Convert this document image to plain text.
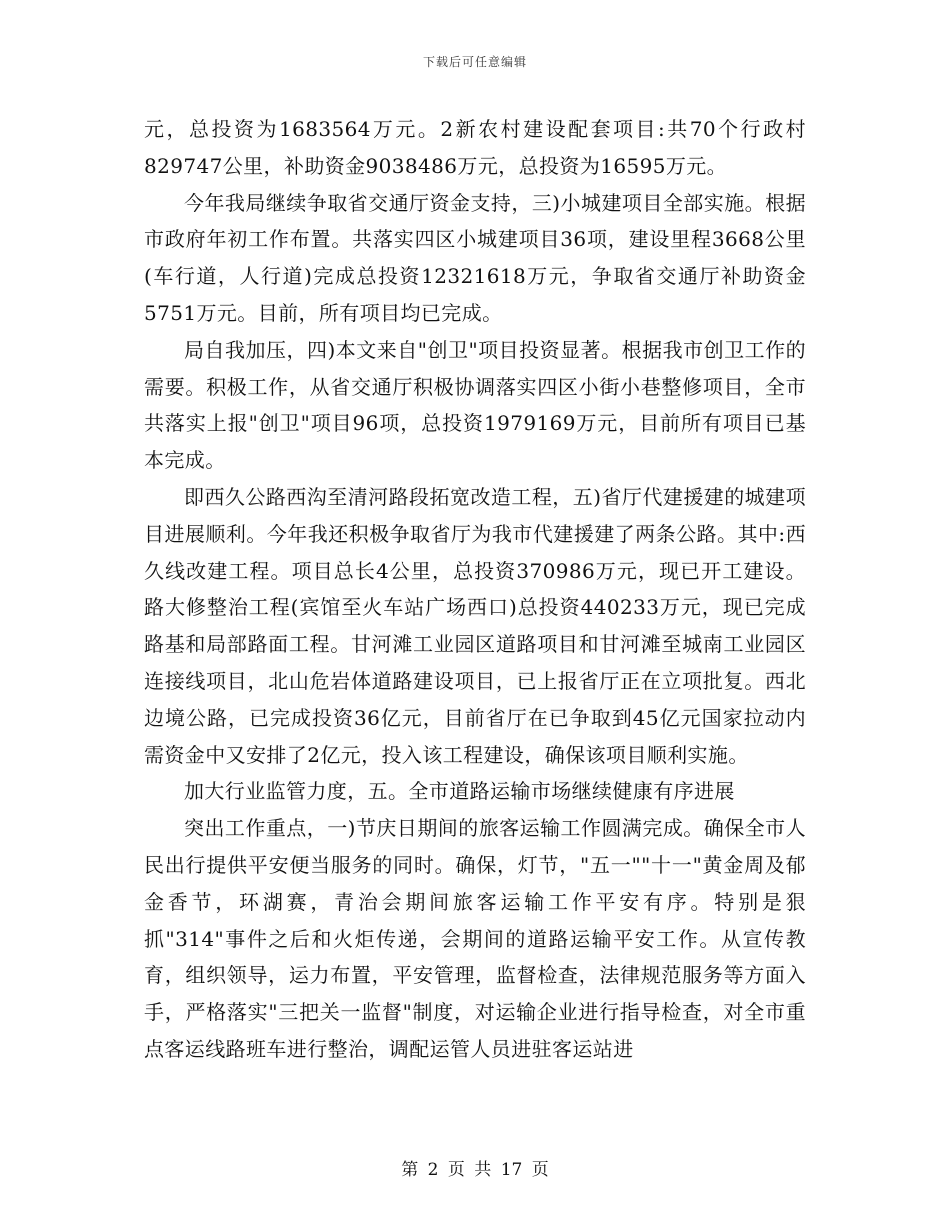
下载后可任意编辑

元，总投资为1683564万元。2新农村建设配套项目:共70个行政村829747公里，补助资金9038486万元，总投资为16595万元。

今年我局继续争取省交通厅资金支持，三)小城建项目全部实施。根据市政府年初工作布置。共落实四区小城建项目36项，建设里程3668公里(车行道，人行道)完成总投资12321618万元，争取省交通厅补助资金5751万元。目前，所有项目均已完成。

局自我加压，四)本文来自"创卫"项目投资显著。根据我市创卫工作的需要。积极工作，从省交通厅积极协调落实四区小街小巷整修项目，全市共落实上报"创卫"项目96项，总投资1979169万元，目前所有项目已基本完成。

即西久公路西沟至清河路段拓宽改造工程，五)省厅代建援建的城建项目进展顺利。今年我还积极争取省厅为我市代建援建了两条公路。其中:西久线改建工程。项目总长4公里，总投资370986万元，现已开工建设。路大修整治工程(宾馆至火车站广场西口)总投资440233万元，现已完成路基和局部路面工程。甘河滩工业园区道路项目和甘河滩至城南工业园区连接线项目，北山危岩体道路建设项目，已上报省厅正在立项批复。西北边境公路，已完成投资36亿元，目前省厅在已争取到45亿元国家拉动内需资金中又安排了2亿元，投入该工程建设，确保该项目顺利实施。

加大行业监管力度，五。全市道路运输市场继续健康有序进展

突出工作重点，一)节庆日期间的旅客运输工作圆满完成。确保全市人民出行提供平安便当服务的同时。确保，灯节，"五一""十一"黄金周及郁金香节，环湖赛，青治会期间旅客运输工作平安有序。特别是狠抓"314"事件之后和火炬传递，会期间的道路运输平安工作。从宣传教育，组织领导，运力布置，平安管理，监督检查，法律规范服务等方面入手，严格落实"三把关一监督"制度，对运输企业进行指导检查，对全市重点客运线路班车进行整治，调配运管人员进驻客运站进

第 2 页 共 17 页
